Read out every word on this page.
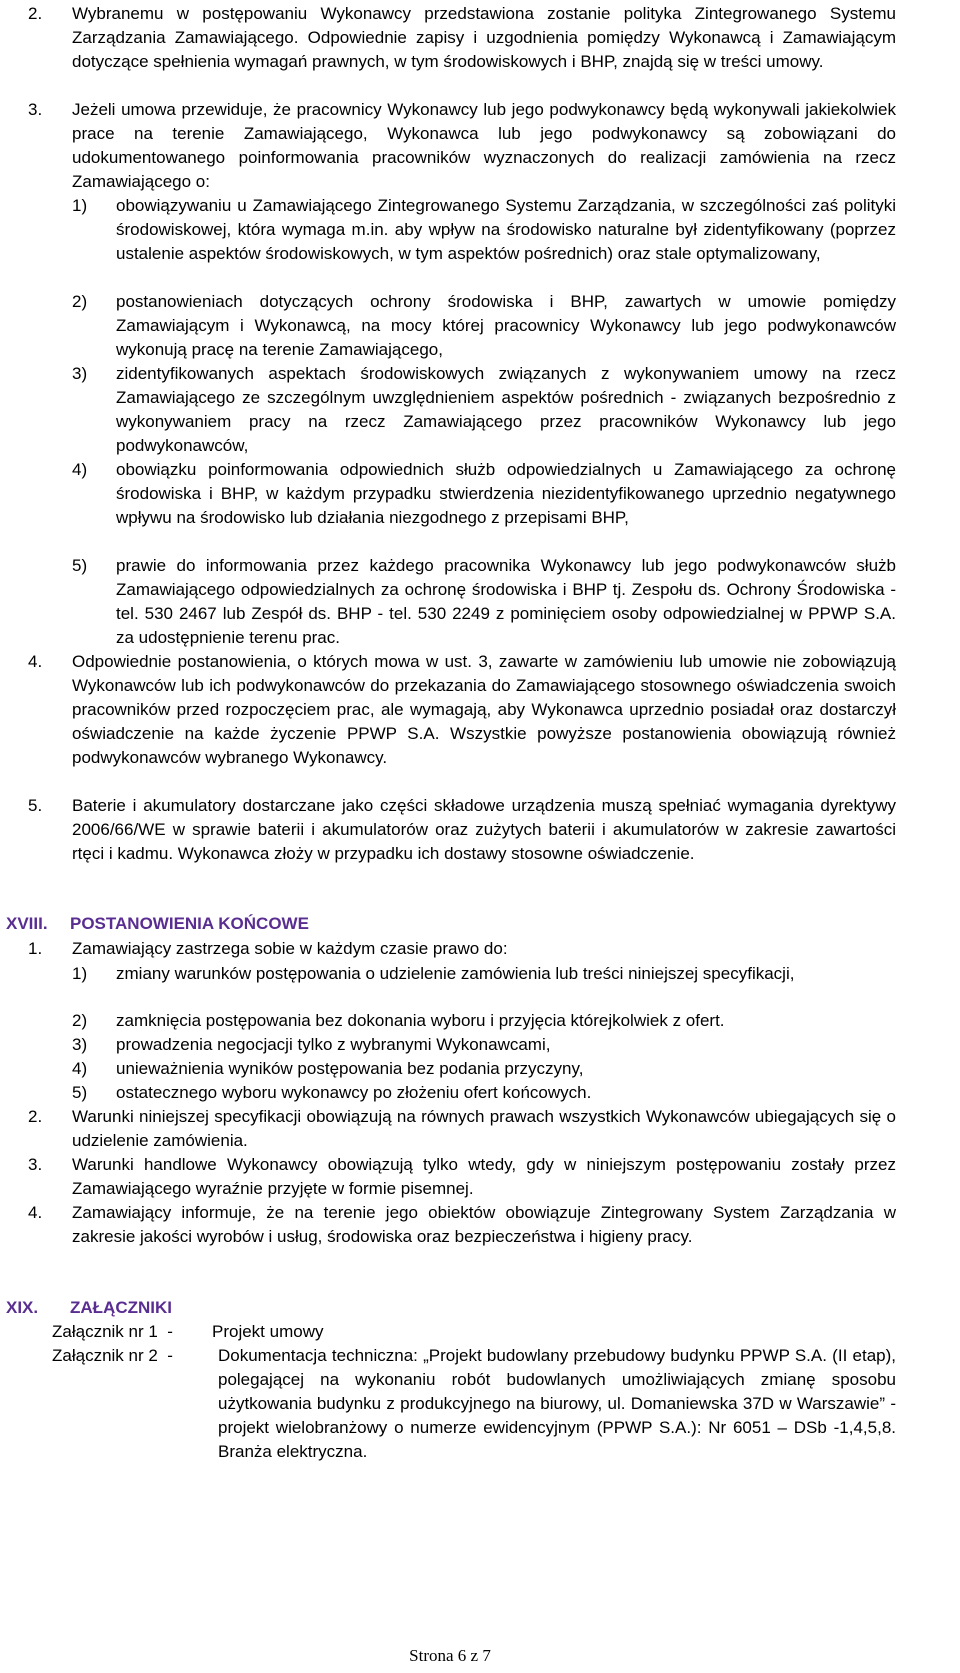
2. Wybranemu w postępowaniu Wykonawcy przedstawiona zostanie polityka Zintegrowanego Systemu Zarządzania Zamawiającego. Odpowiednie zapisy i uzgodnienia pomiędzy Wykonawcą i Zamawiającym dotyczące spełnienia wymagań prawnych, w tym środowiskowych i BHP, znajdą się w treści umowy.
3. Jeżeli umowa przewiduje, że pracownicy Wykonawcy lub jego podwykonawcy będą wykonywali jakiekolwiek prace na terenie Zamawiającego, Wykonawca lub jego podwykonawcy są zobowiązani do udokumentowanego poinformowania pracowników wyznaczonych do realizacji zamówienia na rzecz Zamawiającego o:
1) obowiązywaniu u Zamawiającego Zintegrowanego Systemu Zarządzania, w szczególności zaś polityki środowiskowej, która wymaga m.in. aby wpływ na środowisko naturalne był zidentyfikowany (poprzez ustalenie aspektów środowiskowych, w tym aspektów pośrednich) oraz stale optymalizowany,
2) postanowieniach dotyczących ochrony środowiska i BHP, zawartych w umowie pomiędzy Zamawiającym i Wykonawcą, na mocy której pracownicy Wykonawcy lub jego podwykonawców wykonują pracę na terenie Zamawiającego,
3) zidentyfikowanych aspektach środowiskowych związanych z wykonywaniem umowy na rzecz Zamawiającego ze szczególnym uwzględnieniem aspektów pośrednich - związanych bezpośrednio z wykonywaniem pracy na rzecz Zamawiającego przez pracowników Wykonawcy lub jego podwykonawców,
4) obowiązku poinformowania odpowiednich służb odpowiedzialnych u Zamawiającego za ochronę środowiska i BHP, w każdym przypadku stwierdzenia niezidentyfikowanego uprzednio negatywnego wpływu na środowisko lub działania niezgodnego z przepisami BHP,
5) prawie do informowania przez każdego pracownika Wykonawcy lub jego podwykonawców służb Zamawiającego odpowiedzialnych za ochronę środowiska i BHP tj. Zespołu ds. Ochrony Środowiska - tel. 530 2467 lub Zespół ds. BHP - tel. 530 2249 z pominięciem osoby odpowiedzialnej w PPWP S.A. za udostępnienie terenu prac.
4. Odpowiednie postanowienia, o których mowa w ust. 3, zawarte w zamówieniu lub umowie nie zobowiązują Wykonawców lub ich podwykonawców do przekazania do Zamawiającego stosownego oświadczenia swoich pracowników przed rozpoczęciem prac, ale wymagają, aby Wykonawca uprzednio posiadał oraz dostarczył oświadczenie na każde życzenie PPWP S.A. Wszystkie powyższe postanowienia obowiązują również podwykonawców wybranego Wykonawcy.
5. Baterie i akumulatory dostarczane jako części składowe urządzenia muszą spełniać wymagania dyrektywy 2006/66/WE w sprawie baterii i akumulatorów oraz zużytych baterii i akumulatorów w zakresie zawartości rtęci i kadmu. Wykonawca złoży w przypadku ich dostawy stosowne oświadczenie.
XVIII. POSTANOWIENIA KOŃCOWE
1. Zamawiający zastrzega sobie w każdym czasie prawo do:
1) zmiany warunków postępowania o udzielenie zamówienia lub treści niniejszej specyfikacji,
2) zamknięcia postępowania bez dokonania wyboru i przyjęcia którejkolwiek z ofert.
3) prowadzenia negocjacji tylko z wybranymi Wykonawcami,
4) unieważnienia wyników postępowania bez podania przyczyny,
5) ostatecznego wyboru wykonawcy po złożeniu ofert końcowych.
2. Warunki niniejszej specyfikacji obowiązują na równych prawach wszystkich Wykonawców ubiegających się o udzielenie zamówienia.
3. Warunki handlowe Wykonawcy obowiązują tylko wtedy, gdy w niniejszym postępowaniu zostały przez Zamawiającego wyraźnie przyjęte w formie pisemnej.
4. Zamawiający informuje, że na terenie jego obiektów obowiązuje Zintegrowany System Zarządzania w zakresie jakości wyrobów i usług, środowiska oraz bezpieczeństwa i higieny pracy.
XIX. ZAŁĄCZNIKI
Załącznik nr 1  - Projekt umowy
Załącznik nr 2  -	Dokumentacja techniczna: „Projekt budowlany przebudowy budynku PPWP S.A. (II etap), polegającej na wykonaniu robót budowlanych umożliwiających zmianę sposobu użytkowania budynku z produkcyjnego na biurowy, ul. Domaniewska 37D w Warszawie” - projekt wielobranżowy o numerze ewidencyjnym (PPWP S.A.): Nr 6051 – DSb -1,4,5,8. Branża elektryczna.
Strona 6 z 7
